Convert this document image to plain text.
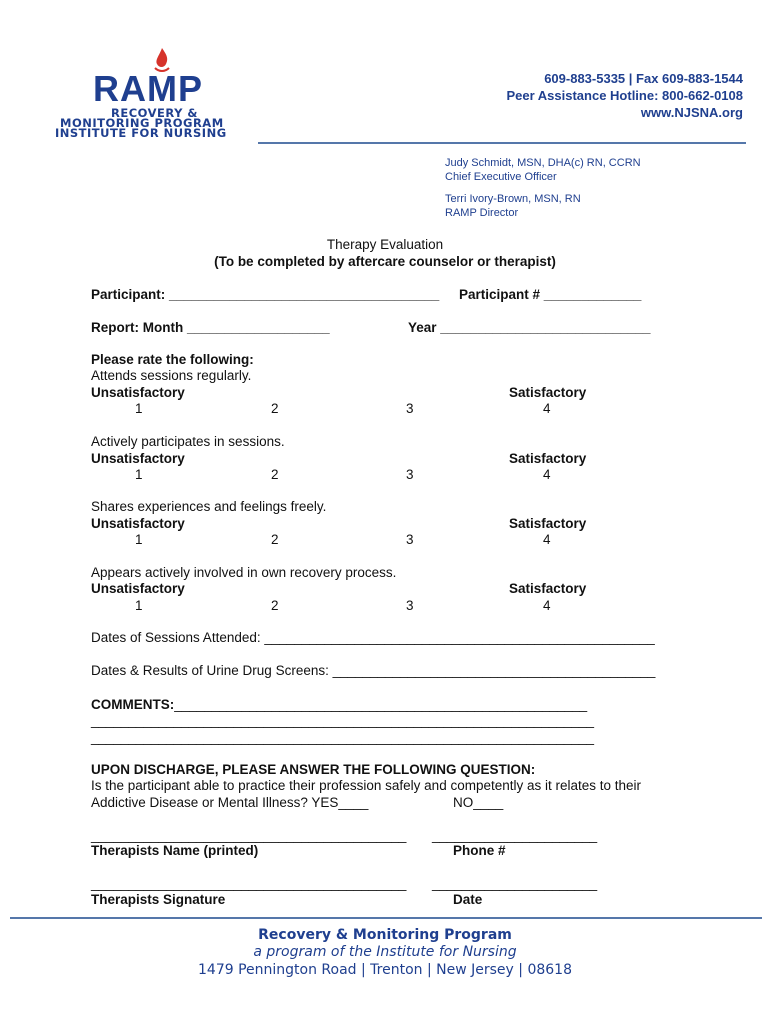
RAMP
RECOVERY &
MONITORING PROGRAM
INSTITUTE FOR NURSING
609-883-5335 | Fax 609-883-1544
Peer Assistance Hotline: 800-662-0108
www.NJSNA.org
Judy Schmidt, MSN, DHA(c) RN, CCRN
Chief Executive Officer
Terri Ivory-Brown, MSN, RN
RAMP Director
Therapy Evaluation
(To be completed by aftercare counselor or therapist)
Participant: ____________________________________ Participant # _____________
Report: Month ___________________	Year ____________________________
Please rate the following:
Attends sessions regularly.
Unsatisfactory	Satisfactory
1	2	3	4
Actively participates in sessions.
Unsatisfactory	Satisfactory
1	2	3	4
Shares experiences and feelings freely.
Unsatisfactory	Satisfactory
1	2	3	4
Appears actively involved in own recovery process.
Unsatisfactory	Satisfactory
1	2	3	4
Dates of Sessions Attended: ____________________________________________________
Dates & Results of Urine Drug Screens: ___________________________________________
COMMENTS:_______________________________________________________
___________________________________________________________________
___________________________________________________________________
UPON DISCHARGE, PLEASE ANSWER THE FOLLOWING QUESTION:
Is the participant able to practice their profession safely and competently as it relates to their
Addictive Disease or Mental Illness? YES____	NO____
__________________________________________ ______________________
Therapists Name (printed)	Phone #
__________________________________________ ______________________
Therapists Signature	Date
Recovery & Monitoring Program
a program of the Institute for Nursing
1479 Pennington Road | Trenton | New Jersey | 08618
